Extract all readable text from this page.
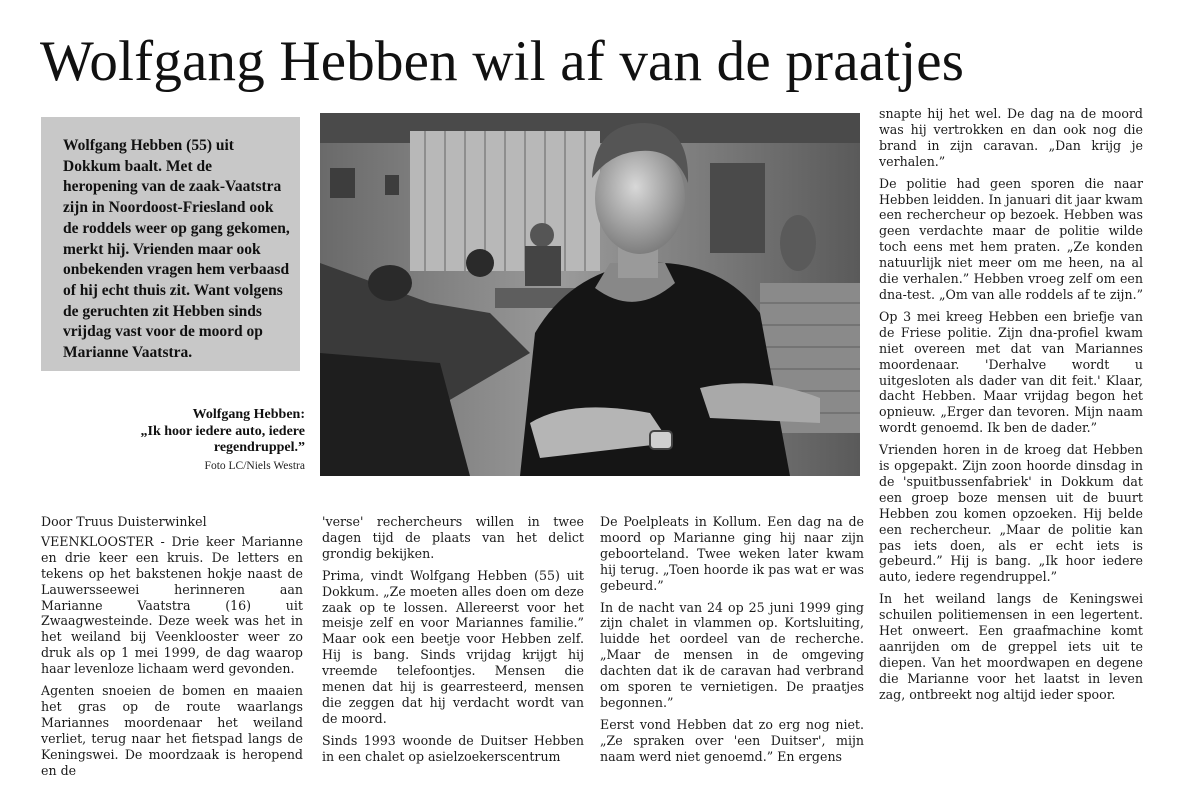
Wolfgang Hebben wil af van de praatjes
Wolfgang Hebben (55) uit Dokkum baalt. Met de heropening van de zaak-Vaatstra zijn in Noordoost-Friesland ook de roddels weer op gang gekomen, merkt hij. Vrienden maar ook onbekenden vragen hem verbaasd of hij echt thuis zit. Want volgens de geruchten zit Hebben sinds vrijdag vast voor de moord op Marianne Vaatstra.
Wolfgang Hebben:
„Ik hoor iedere auto, iedere regendruppel.”
Foto LC/Niels Westra

Door Truus Duisterwinkel

VEENKLOOSTER - Drie keer Marianne en drie keer een kruis. De letters en tekens op het bakstenen hokje naast de Lauwersseewei herinneren aan Marianne Vaatstra (16) uit Zwaagwesteinde. Deze week was het in het weiland bij Veenklooster weer zo druk als op 1 mei 1999, de dag waarop haar levenloze lichaam werd gevonden.

Agenten snoeien de bomen en maaien het gras op de route waarlangs Mariannes moordenaar het weiland verliet, terug naar het fietspad langs de Keningswei. De moordzaak is heropend en de

'verse' rechercheurs willen in twee dagen tijd de plaats van het delict grondig bekijken.

Prima, vindt Wolfgang Hebben (55) uit Dokkum. „Ze moeten alles doen om deze zaak op te lossen. Allereerst voor het meisje zelf en voor Mariannes familie.” Maar ook een beetje voor Hebben zelf. Hij is bang. Sinds vrijdag krijgt hij vreemde telefoontjes. Mensen die menen dat hij is gearresteerd, mensen die zeggen dat hij verdacht wordt van de moord.

Sinds 1993 woonde de Duitser Hebben in een chalet op asielzoekerscentrum

De Poelpleats in Kollum. Een dag na de moord op Marianne ging hij naar zijn geboorteland. Twee weken later kwam hij terug. „Toen hoorde ik pas wat er was gebeurd.”

In de nacht van 24 op 25 juni 1999 ging zijn chalet in vlammen op. Kortsluiting, luidde het oordeel van de recherche. „Maar de mensen in de omgeving dachten dat ik de caravan had verbrand om sporen te vernietigen. De praatjes begonnen.”

Eerst vond Hebben dat zo erg nog niet. „Ze spraken over 'een Duitser', mijn naam werd niet genoemd.” En ergens

snapte hij het wel. De dag na de moord was hij vertrokken en dan ook nog die brand in zijn caravan. „Dan krijg je verhalen.”

De politie had geen sporen die naar Hebben leidden. In januari dit jaar kwam een rechercheur op bezoek. Hebben was geen verdachte maar de politie wilde toch eens met hem praten. „Ze konden natuurlijk niet meer om me heen, na al die verhalen.” Hebben vroeg zelf om een dna-test. „Om van alle roddels af te zijn.”

Op 3 mei kreeg Hebben een briefje van de Friese politie. Zijn dna-profiel kwam niet overeen met dat van Mariannes moordenaar. 'Derhalve wordt u uitgesloten als dader van dit feit.' Klaar, dacht Hebben. Maar vrijdag begon het opnieuw. „Erger dan tevoren. Mijn naam wordt genoemd. Ik ben de dader.”

Vrienden horen in de kroeg dat Hebben is opgepakt. Zijn zoon hoorde dinsdag in de 'spuitbussenfabriek' in Dokkum dat een groep boze mensen uit de buurt Hebben zou komen opzoeken. Hij belde een rechercheur. „Maar de politie kan pas iets doen, als er echt iets is gebeurd.” Hij is bang. „Ik hoor iedere auto, iedere regendruppel.”

In het weiland langs de Keningswei schuilen politiemensen in een legertent. Het onweert. Een graafmachine komt aanrijden om de greppel iets uit te diepen. Van het moordwapen en degene die Marianne voor het laatst in leven zag, ontbreekt nog altijd ieder spoor.
